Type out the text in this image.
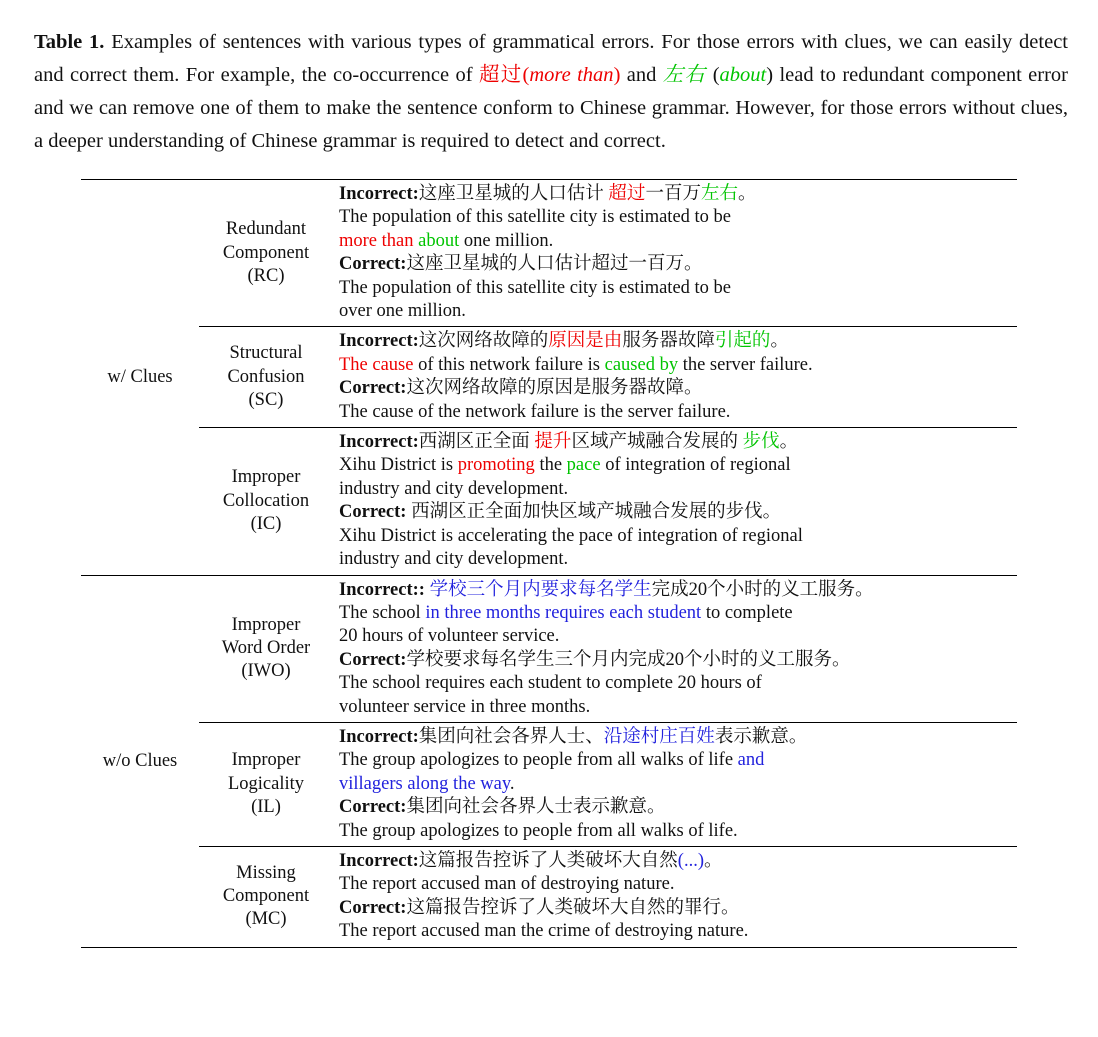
Table 1. Examples of sentences with various types of grammatical errors. For those errors with clues, we can easily detect and correct them. For example, the co-occurrence of 超过(more than) and 左右 (about) lead to redundant component error and we can remove one of them to make the sentence conform to Chinese grammar. However, for those errors without clues, a deeper understanding of Chinese grammar is required to detect and correct.

w/ Clues
Redundant
Component
(RC)
Incorrect:这座卫星城的人口估计 超过一百万左右。
The population of this satellite city is estimated to be
more than about one million.
Correct:这座卫星城的人口估计超过一百万。
The population of this satellite city is estimated to be
over one million.
Structural
Confusion
(SC)
Incorrect:这次网络故障的原因是由服务器故障引起的。
The cause of this network failure is caused by the server failure.
Correct:这次网络故障的原因是服务器故障。
The cause of the network failure is the server failure.
Improper
Collocation
(IC)
Incorrect:西湖区正全面 提升区域产城融合发展的 步伐。
Xihu District is promoting the pace of integration of regional
industry and city development.
Correct: 西湖区正全面加快区域产城融合发展的步伐。
Xihu District is accelerating the pace of integration of regional
industry and city development.
w/o Clues
Improper
Word Order
(IWO)
Incorrect:: 学校三个月内要求每名学生完成20个小时的义工服务。
The school in three months requires each student to complete
20 hours of volunteer service.
Correct:学校要求每名学生三个月内完成20个小时的义工服务。
The school requires each student to complete 20 hours of
volunteer service in three months.
Improper
Logicality
(IL)
Incorrect:集团向社会各界人士、沿途村庄百姓表示歉意。
The group apologizes to people from all walks of life and
villagers along the way.
Correct:集团向社会各界人士表示歉意。
The group apologizes to people from all walks of life.
Missing
Component
(MC)
Incorrect:这篇报告控诉了人类破坏大自然(...)。
The report accused man of destroying nature.
Correct:这篇报告控诉了人类破坏大自然的罪行。
The report accused man the crime of destroying nature.
